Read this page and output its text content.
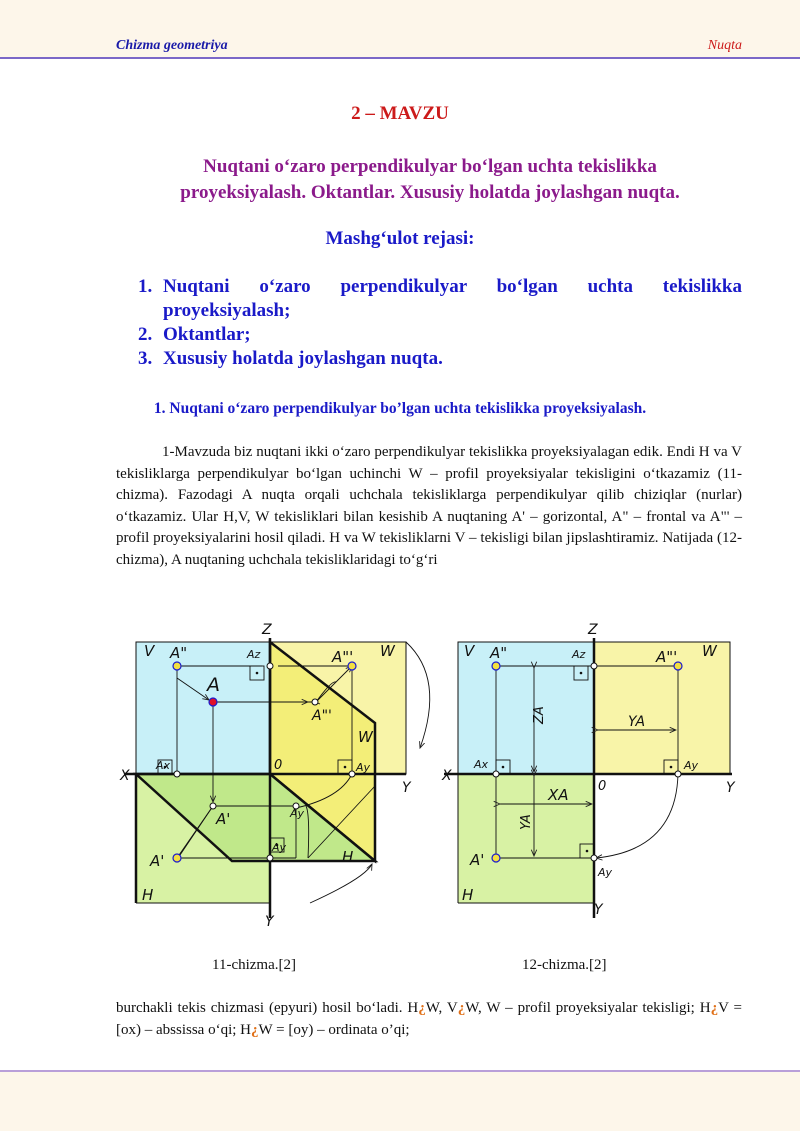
Chizma geometriya	Nuqta
2 – MAVZU
Nuqtani o‘zaro perpendikulyar bo‘lgan uchta tekislikka
proyeksiyalash. Oktantlar. Xususiy holatda joylashgan nuqta.
Mashg‘ulot rejasi:
1. Nuqtani o‘zaro perpendikulyar bo‘lgan uchta tekislikka proyeksiyalash;
2. Oktantlar;
3. Xususiy holatda joylashgan nuqta.
1. Nuqtani o‘zaro perpendikulyar bo’lgan uchta tekislikka proyeksiyalash.

1-Mavzuda biz nuqtani ikki o‘zaro perpendikulyar tekislikka proyeksiyalagan edik. Endi H va V tekisliklarga perpendikulyar bo‘lgan uchinchi W – profil proyeksiyalar tekisligini o‘tkazamiz (11-chizma). Fazodagi A nuqta orqali uchchala tekisliklarga perpendikulyar qilib chiziqlar (nurlar) o‘tkazamiz. Ular H,V, W tekisliklari bilan kesishib A nuqtaning A' – gorizontal, A" – frontal va A"' – profil proyeksiyalarini hosil qiladi. H va W tekisliklarni V – tekisligi bilan jipslashtiramiz. Natijada (12-chizma), A nuqtaning uchchala tekisliklaridagi to‘g‘ri

V	W
H
Z
X
Y
Y
0
A
A"	A"'
A"'
A'
A'
Az
Ax	Ay
Ay
Ay
W
H
V	W
H
Z
X
Y
Y
0
A"	A"'
A'
Az
Ax	Ay
Ay
ZA	YA
XA
YA
11-chizma.[2]	12-chizma.[2]

burchakli tekis chizmasi (epyuri) hosil bo‘ladi. H¿W, V¿W, W – profil proyeksiyalar tekisligi; H¿V = [ox) – abssissa o‘qi; H¿W = [oy) – ordinata o’qi;
